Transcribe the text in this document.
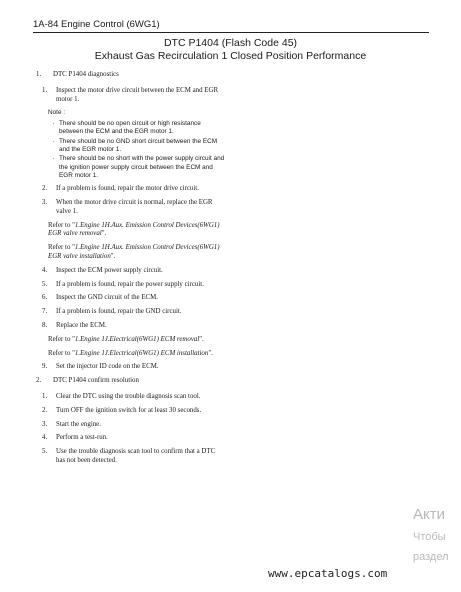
1A-84 Engine Control (6WG1)
DTC P1404 (Flash Code 45)
Exhaust Gas Recirculation 1 Closed Position Performance
1.	DTC P1404 diagnostics
1.	Inspect the motor drive circuit between the ECM and EGR motor 1.
Note :
· There should be no open circuit or high resistance between the ECM and the EGR motor 1.
· There should be no GND short circuit between the ECM and the EGR motor 1.
· There should be no short with the power supply circuit and the ignition power supply circuit between the ECM and EGR motor 1.
2.	If a problem is found, repair the motor drive circuit.
3.	When the motor drive circuit is normal, replace the EGR valve 1.
Refer to "1.Engine 1H.Aux. Emission Control Devices(6WG1) EGR valve removal".
Refer to "1.Engine 1H.Aux. Emission Control Devices(6WG1) EGR valve installation".
4.	Inspect the ECM power supply circuit.
5.	If a problem is found, repair the power supply circuit.
6.	Inspect the GND circuit of the ECM.
7.	If a problem is found, repair the GND circuit.
8.	Replace the ECM.
Refer to "1.Engine 1J.Electrical(6WG1) ECM removal".
Refer to "1.Engine 1J.Electrical(6WG1) ECM installation".
9.	Set the injector ID code on the ECM.
2.	DTC P1404 confirm resolution
1.	Clear the DTC using the trouble diagnosis scan tool.
2.	Turn OFF the ignition switch for at least 30 seconds.
3.	Start the engine.
4.	Perform a test-run.
5.	Use the trouble diagnosis scan tool to confirm that a DTC has not been detected.
Акти
Чтобы
раздел
www.epcatalogs.com
